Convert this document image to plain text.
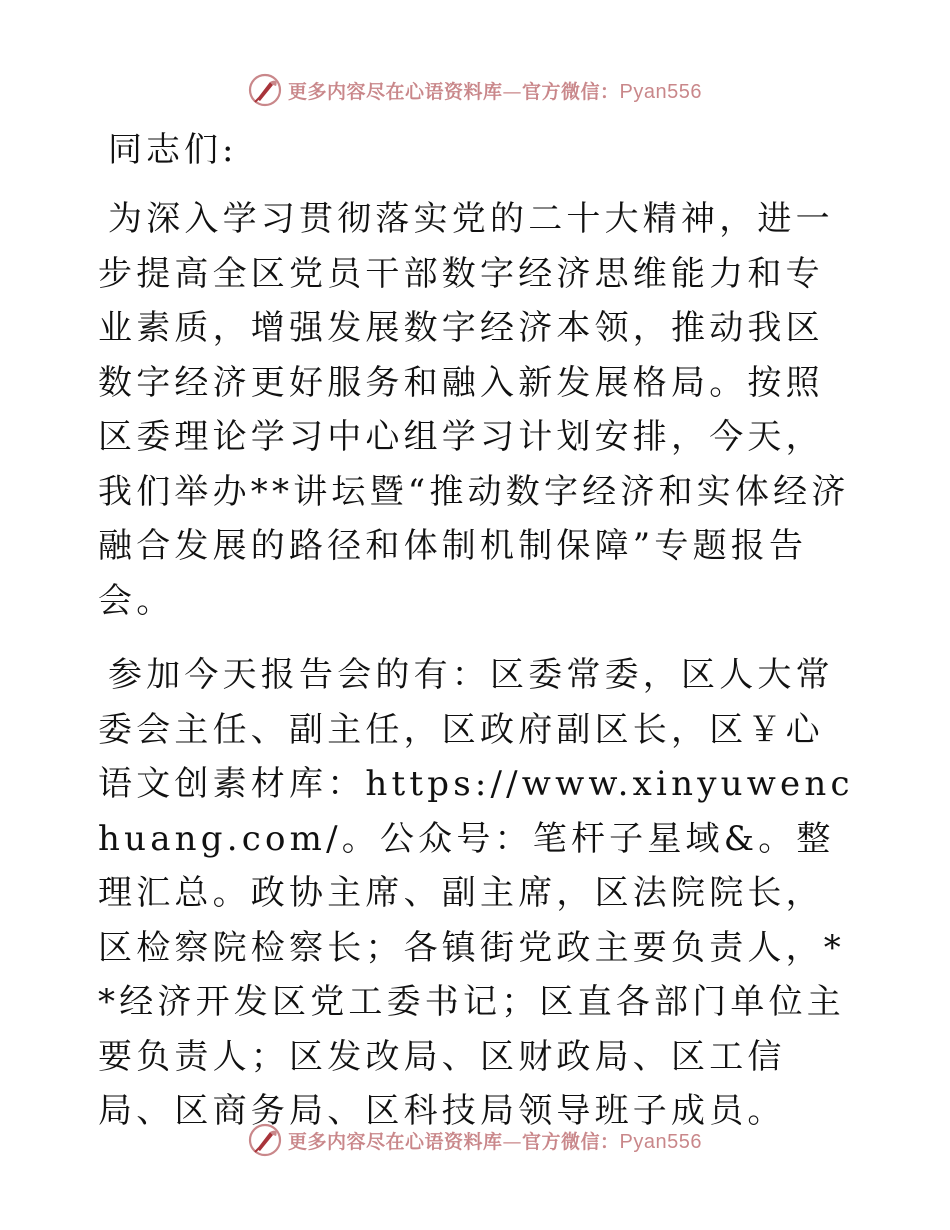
更多内容尽在心语资料库—官方微信：Pyan556

同志们:

为深入学习贯彻落实党的二十大精神，进一步提高全区党员干部数字经济思维能力和专业素质，增强发展数字经济本领，推动我区数字经济更好服务和融入新发展格局。按照区委理论学习中心组学习计划安排，今天，我们举办**讲坛暨“推动数字经济和实体经济融合发展的路径和体制机制保障”专题报告会。

参加今天报告会的有：区委常委，区人大常委会主任、副主任，区政府副区长，区￥心语文创素材库：https://www.xinyuwenchuang.com/。公众号：笔杆子星域&。整理汇总。政协主席、副主席，区法院院长，区检察院检察长；各镇街党政主要负责人，**经济开发区党工委书记；区直各部门单位主要负责人；区发改局、区财政局、区工信局、区商务局、区科技局领导班子成员。

更多内容尽在心语资料库—官方微信：Pyan556
